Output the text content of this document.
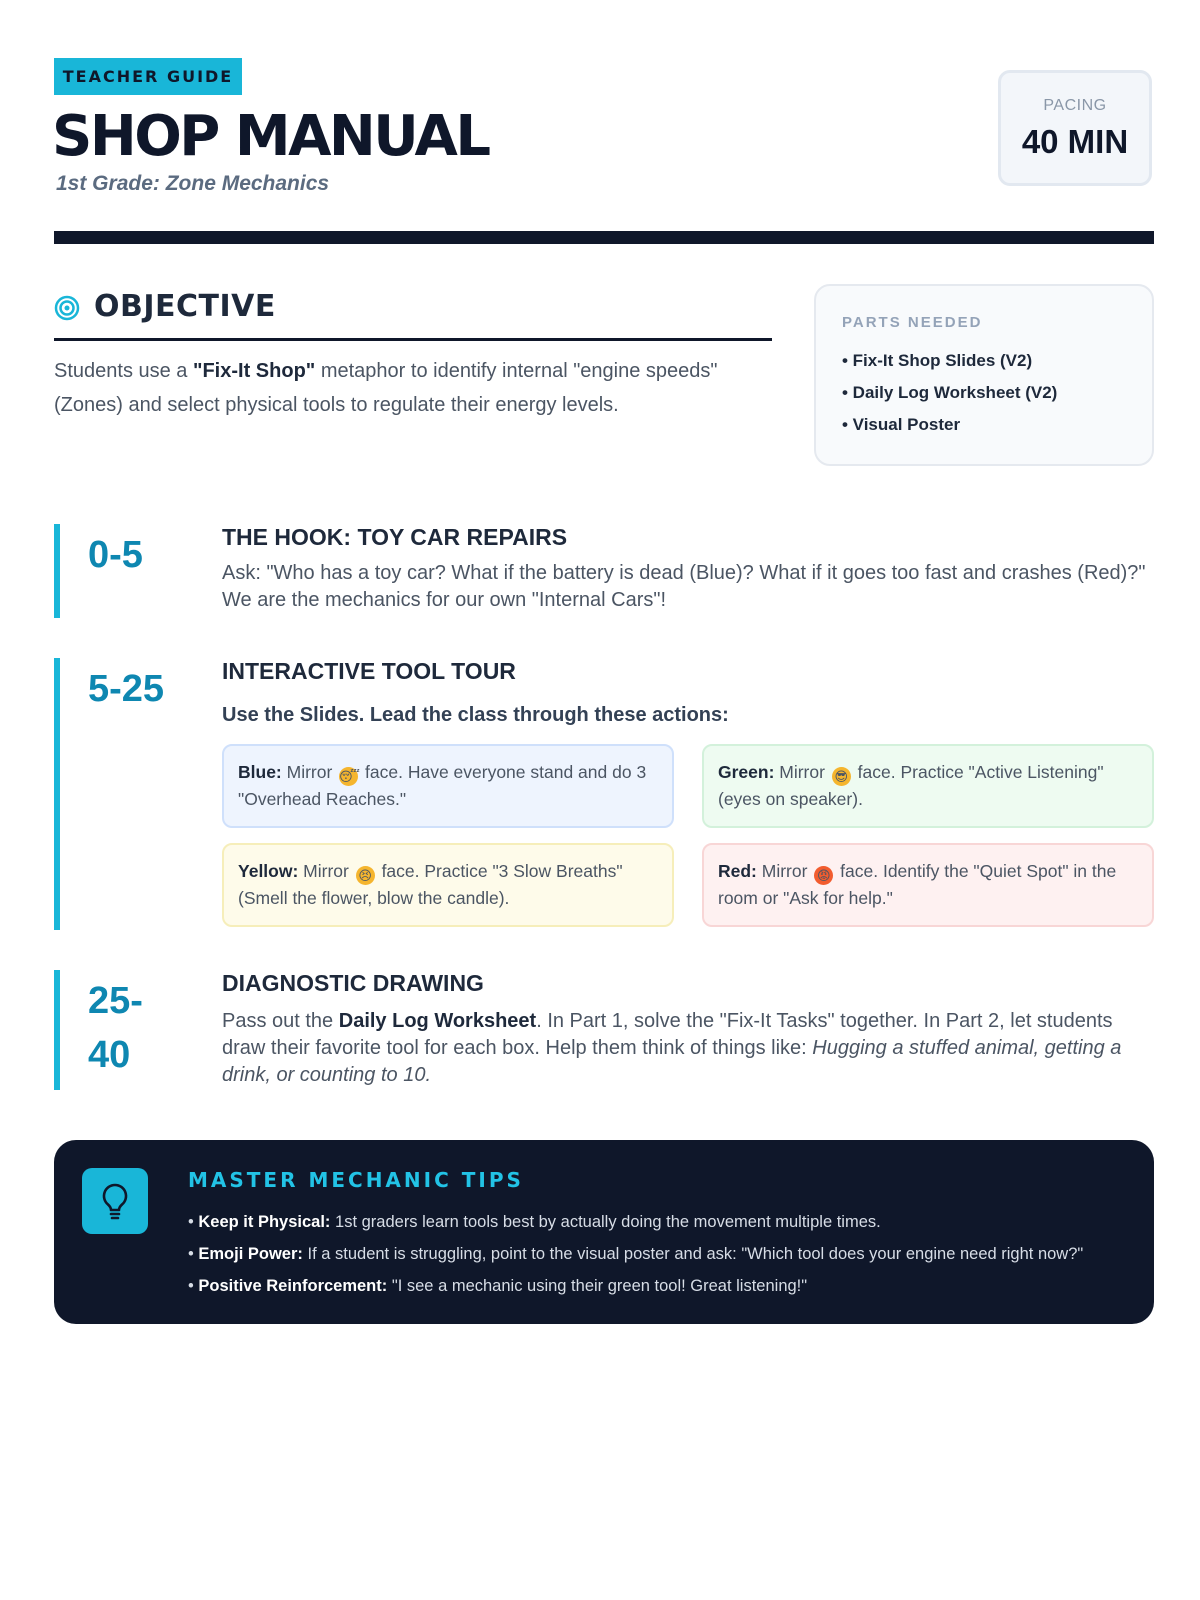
TEACHER GUIDE
SHOP MANUAL
1st Grade: Zone Mechanics
PACING
40 MIN
OBJECTIVE

Students use a "Fix-It Shop" metaphor to identify internal "engine speeds" (Zones) and select physical tools to regulate their energy levels.

PARTS NEEDED
• Fix-It Shop Slides (V2)
• Daily Log Worksheet (V2)
• Visual Poster

0-5	THE HOOK: TOY CAR REPAIRS

Ask: "Who has a toy car? What if the battery is dead (Blue)? What if it goes too fast and crashes (Red)?" We are the mechanics for our own "Internal Cars"!

5-25	INTERACTIVE TOOL TOUR

Use the Slides. Lead the class through these actions:

Blue: Mirror 😴 face. Have everyone stand and do 3 "Overhead Reaches."
Green: Mirror 😎 face. Practice "Active Listening" (eyes on speaker).
Yellow: Mirror 😣 face. Practice "3 Slow Breaths" (Smell the flower, blow the candle).
Red: Mirror 😡 face. Identify the "Quiet Spot" in the room or "Ask for help."

25-
40

DIAGNOSTIC DRAWING

Pass out the Daily Log Worksheet. In Part 1, solve the "Fix-It Tasks" together. In Part 2, let students draw their favorite tool for each box. Help them think of things like: Hugging a stuffed animal, getting a drink, or counting to 10.

MASTER MECHANIC TIPS

• Keep it Physical: 1st graders learn tools best by actually doing the movement multiple times.
• Emoji Power: If a student is struggling, point to the visual poster and ask: "Which tool does your engine need right now?"
• Positive Reinforcement: "I see a mechanic using their green tool! Great listening!"
